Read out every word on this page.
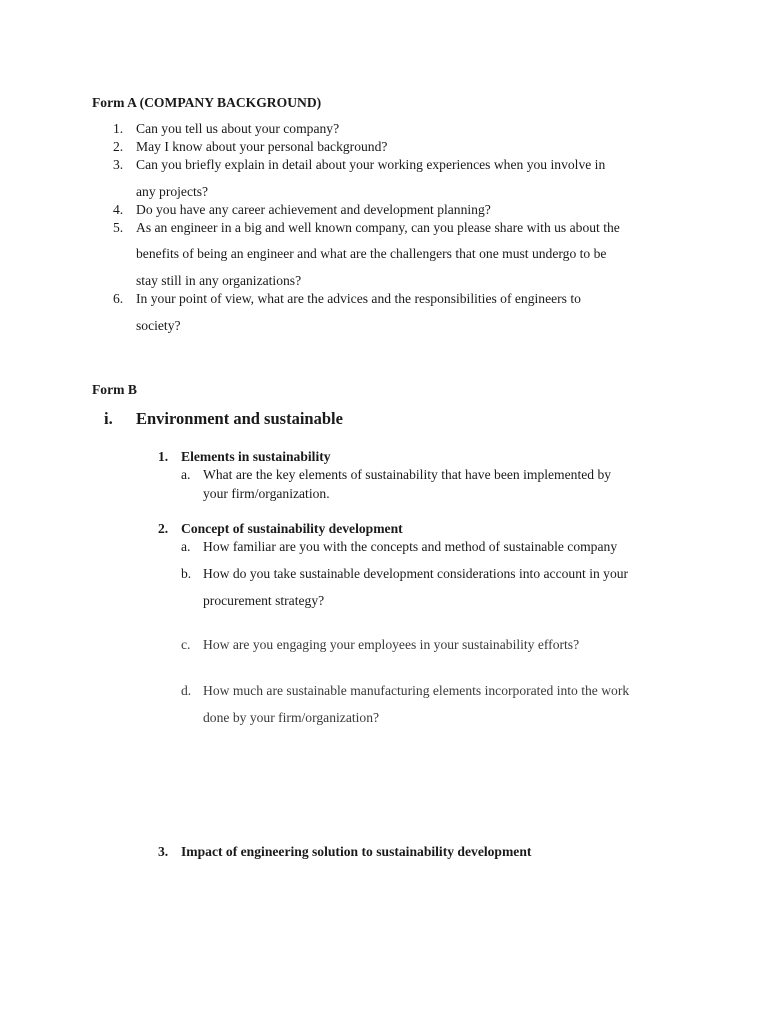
Form A (COMPANY BACKGROUND)
1. Can you tell us about your company?
2. May I know about your personal background?
3. Can you briefly explain in detail about your working experiences when you involve in
any projects?
4. Do you have any career achievement and development planning?
5. As an engineer in a big and well known company, can you please share with us about the
benefits of being an engineer and what are the challengers that one must undergo to be
stay still in any organizations?
6. In your point of view, what are the advices and the responsibilities of engineers to
society?
Form B
i. Environment and sustainable
1. Elements in sustainability
a. What are the key elements of sustainability that have been implemented by
your firm/organization.
2. Concept of sustainability development
a. How familiar are you with the concepts and method of sustainable company
b. How do you take sustainable development considerations into account in your
procurement strategy?
c. How are you engaging your employees in your sustainability efforts?
d. How much are sustainable manufacturing elements incorporated into the work
done by your firm/organization?
3. Impact of engineering solution to sustainability development
